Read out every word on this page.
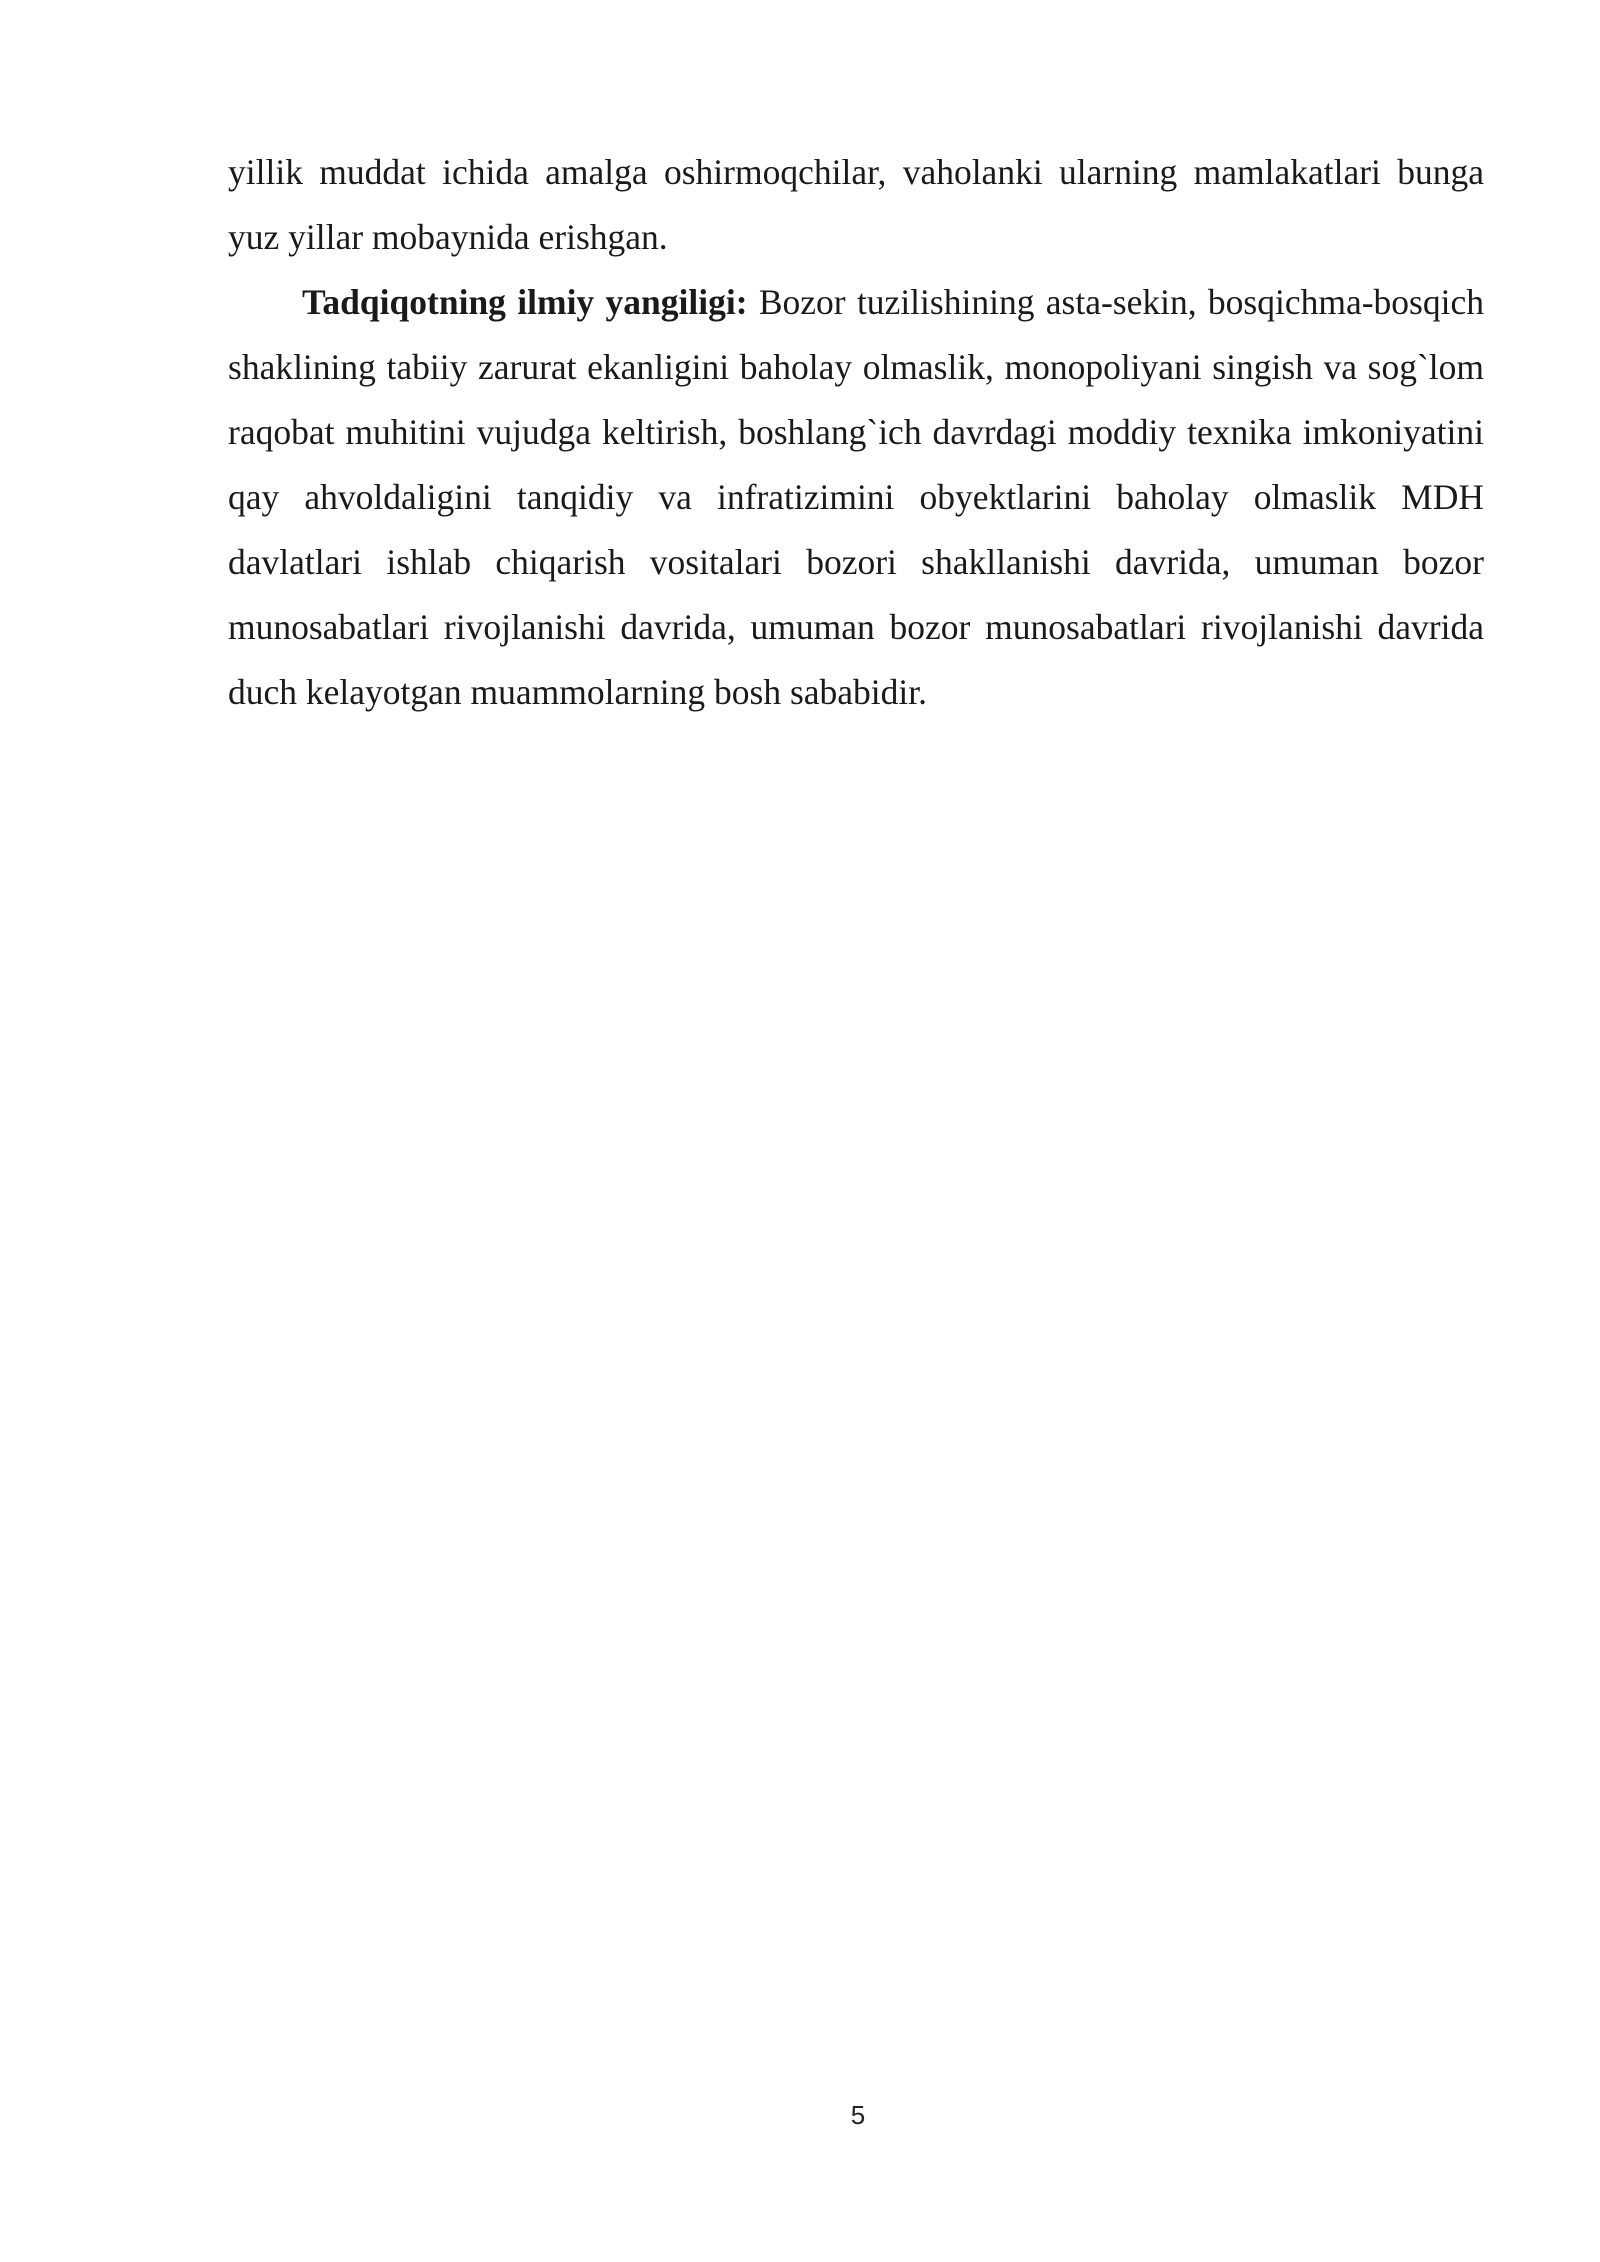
yillik muddat ichida amalga oshirmoqchilar, vaholanki ularning mamlakatlari bunga yuz yillar mobaynida erishgan.

Tadqiqotning ilmiy yangiligi: Bozor tuzilishining asta-sekin, bosqichma-bosqich shaklining tabiiy zarurat ekanligini baholay olmaslik, monopoliyani singish va sog`lom raqobat muhitini vujudga keltirish, boshlang`ich davrdagi moddiy texnika imkoniyatini qay ahvoldaligini tanqidiy va infratizimini obyektlarini baholay olmaslik MDH davlatlari ishlab chiqarish vositalari bozori shakllanishi davrida, umuman bozor munosabatlari rivojlanishi davrida, umuman bozor munosabatlari rivojlanishi davrida duch kelayotgan muammolarning bosh sababidir.

5
